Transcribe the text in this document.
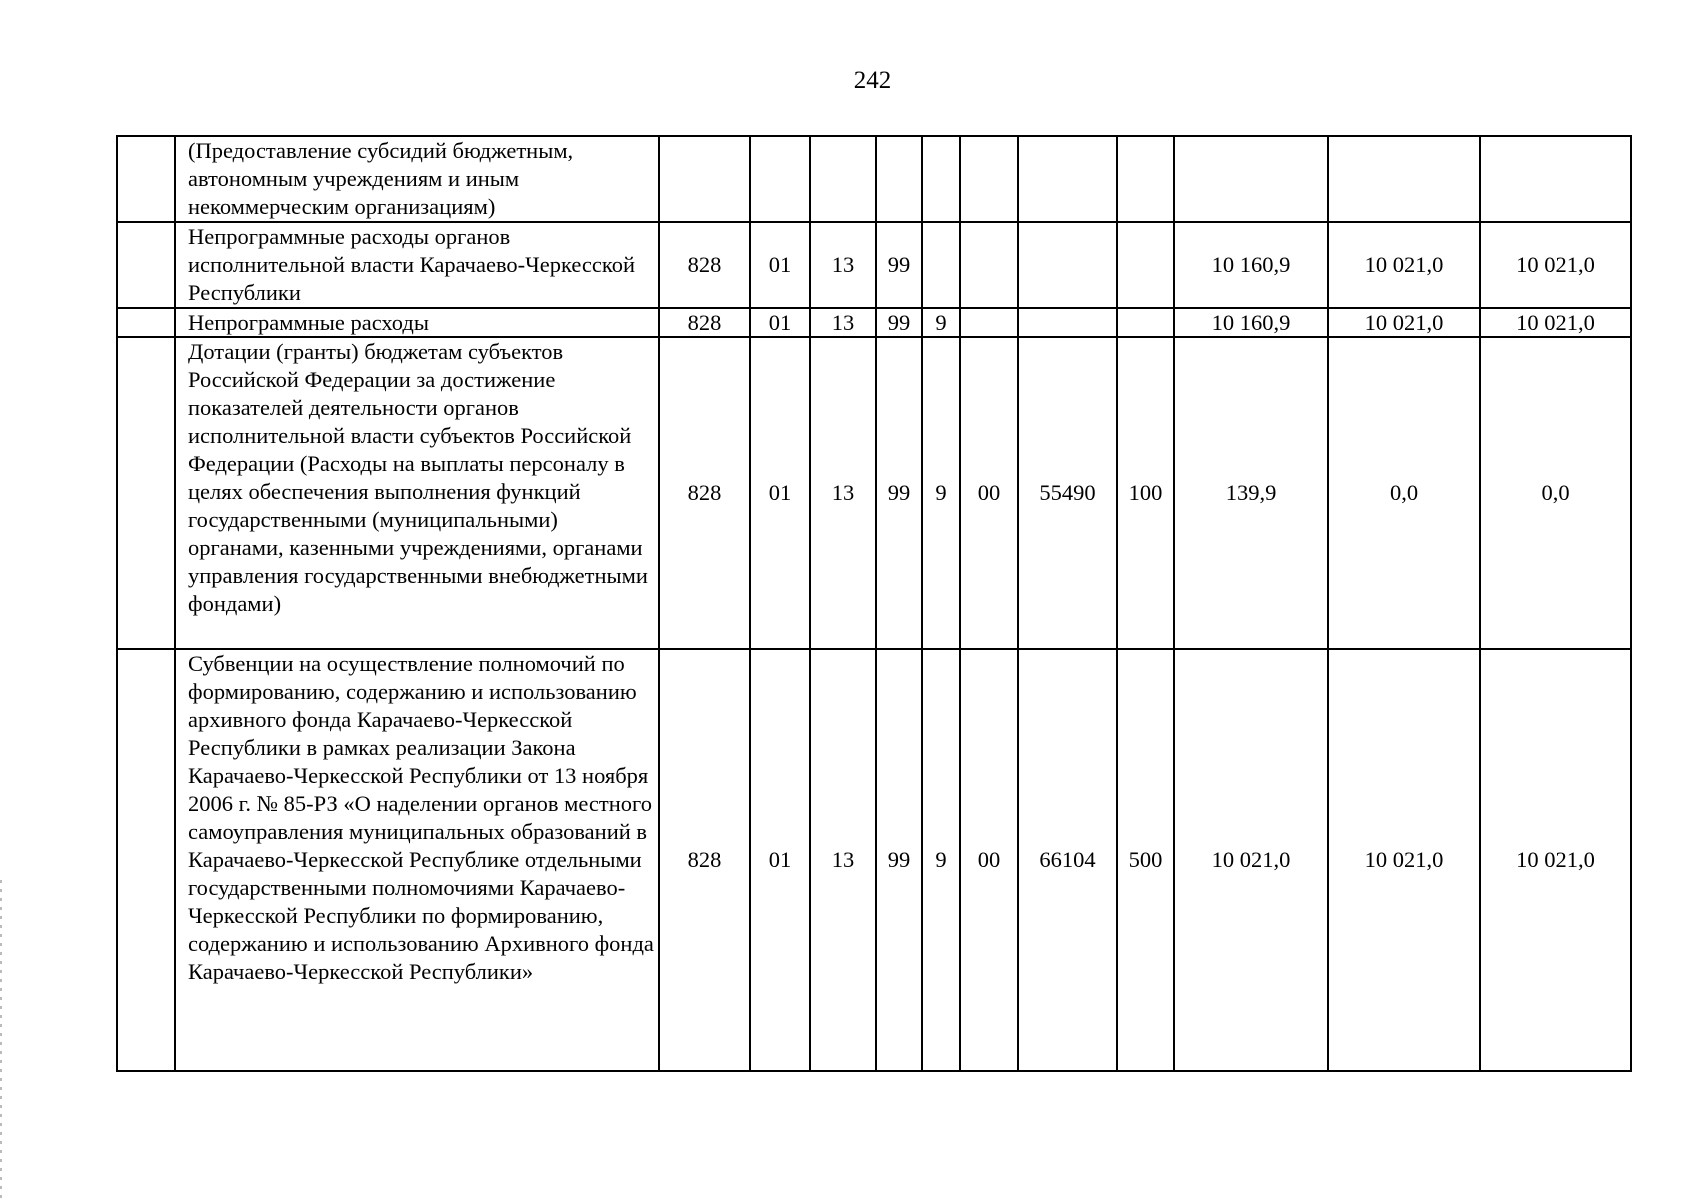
242
	(Предоставление субсидий бюджетным, автономным учреждениям и иным некоммерческим организациям)											
	Непрограммные расходы органов исполнительной власти Карачаево-Черкесской Республики	828	01	13	99					10 160,9	10 021,0	10 021,0
	Непрограммные расходы	828	01	13	99	9				10 160,9	10 021,0	10 021,0
	Дотации (гранты) бюджетам субъектов Российской Федерации за достижение показателей деятельности органов исполнительной власти субъектов Российской Федерации (Расходы на выплаты персоналу в целях обеспечения выполнения функций государственными (муниципальными) органами, казенными учреждениями, органами управления государственными внебюджетными фондами)	828	01	13	99	9	00	55490	100	139,9	0,0	0,0
	Субвенции на осуществление полномочий по формированию, содержанию и использованию архивного фонда Карачаево-Черкесской Республики в рамках реализации Закона Карачаево-Черкесской Республики от 13 ноября 2006 г. № 85-РЗ «О наделении органов местного самоуправления муниципальных образований в Карачаево-Черкесской Республике отдельными государственными полномочиями Карачаево-Черкесской Республики по формированию, содержанию и использованию Архивного фонда Карачаево-Черкесской Республики»	828	01	13	99	9	00	66104	500	10 021,0	10 021,0	10 021,0
